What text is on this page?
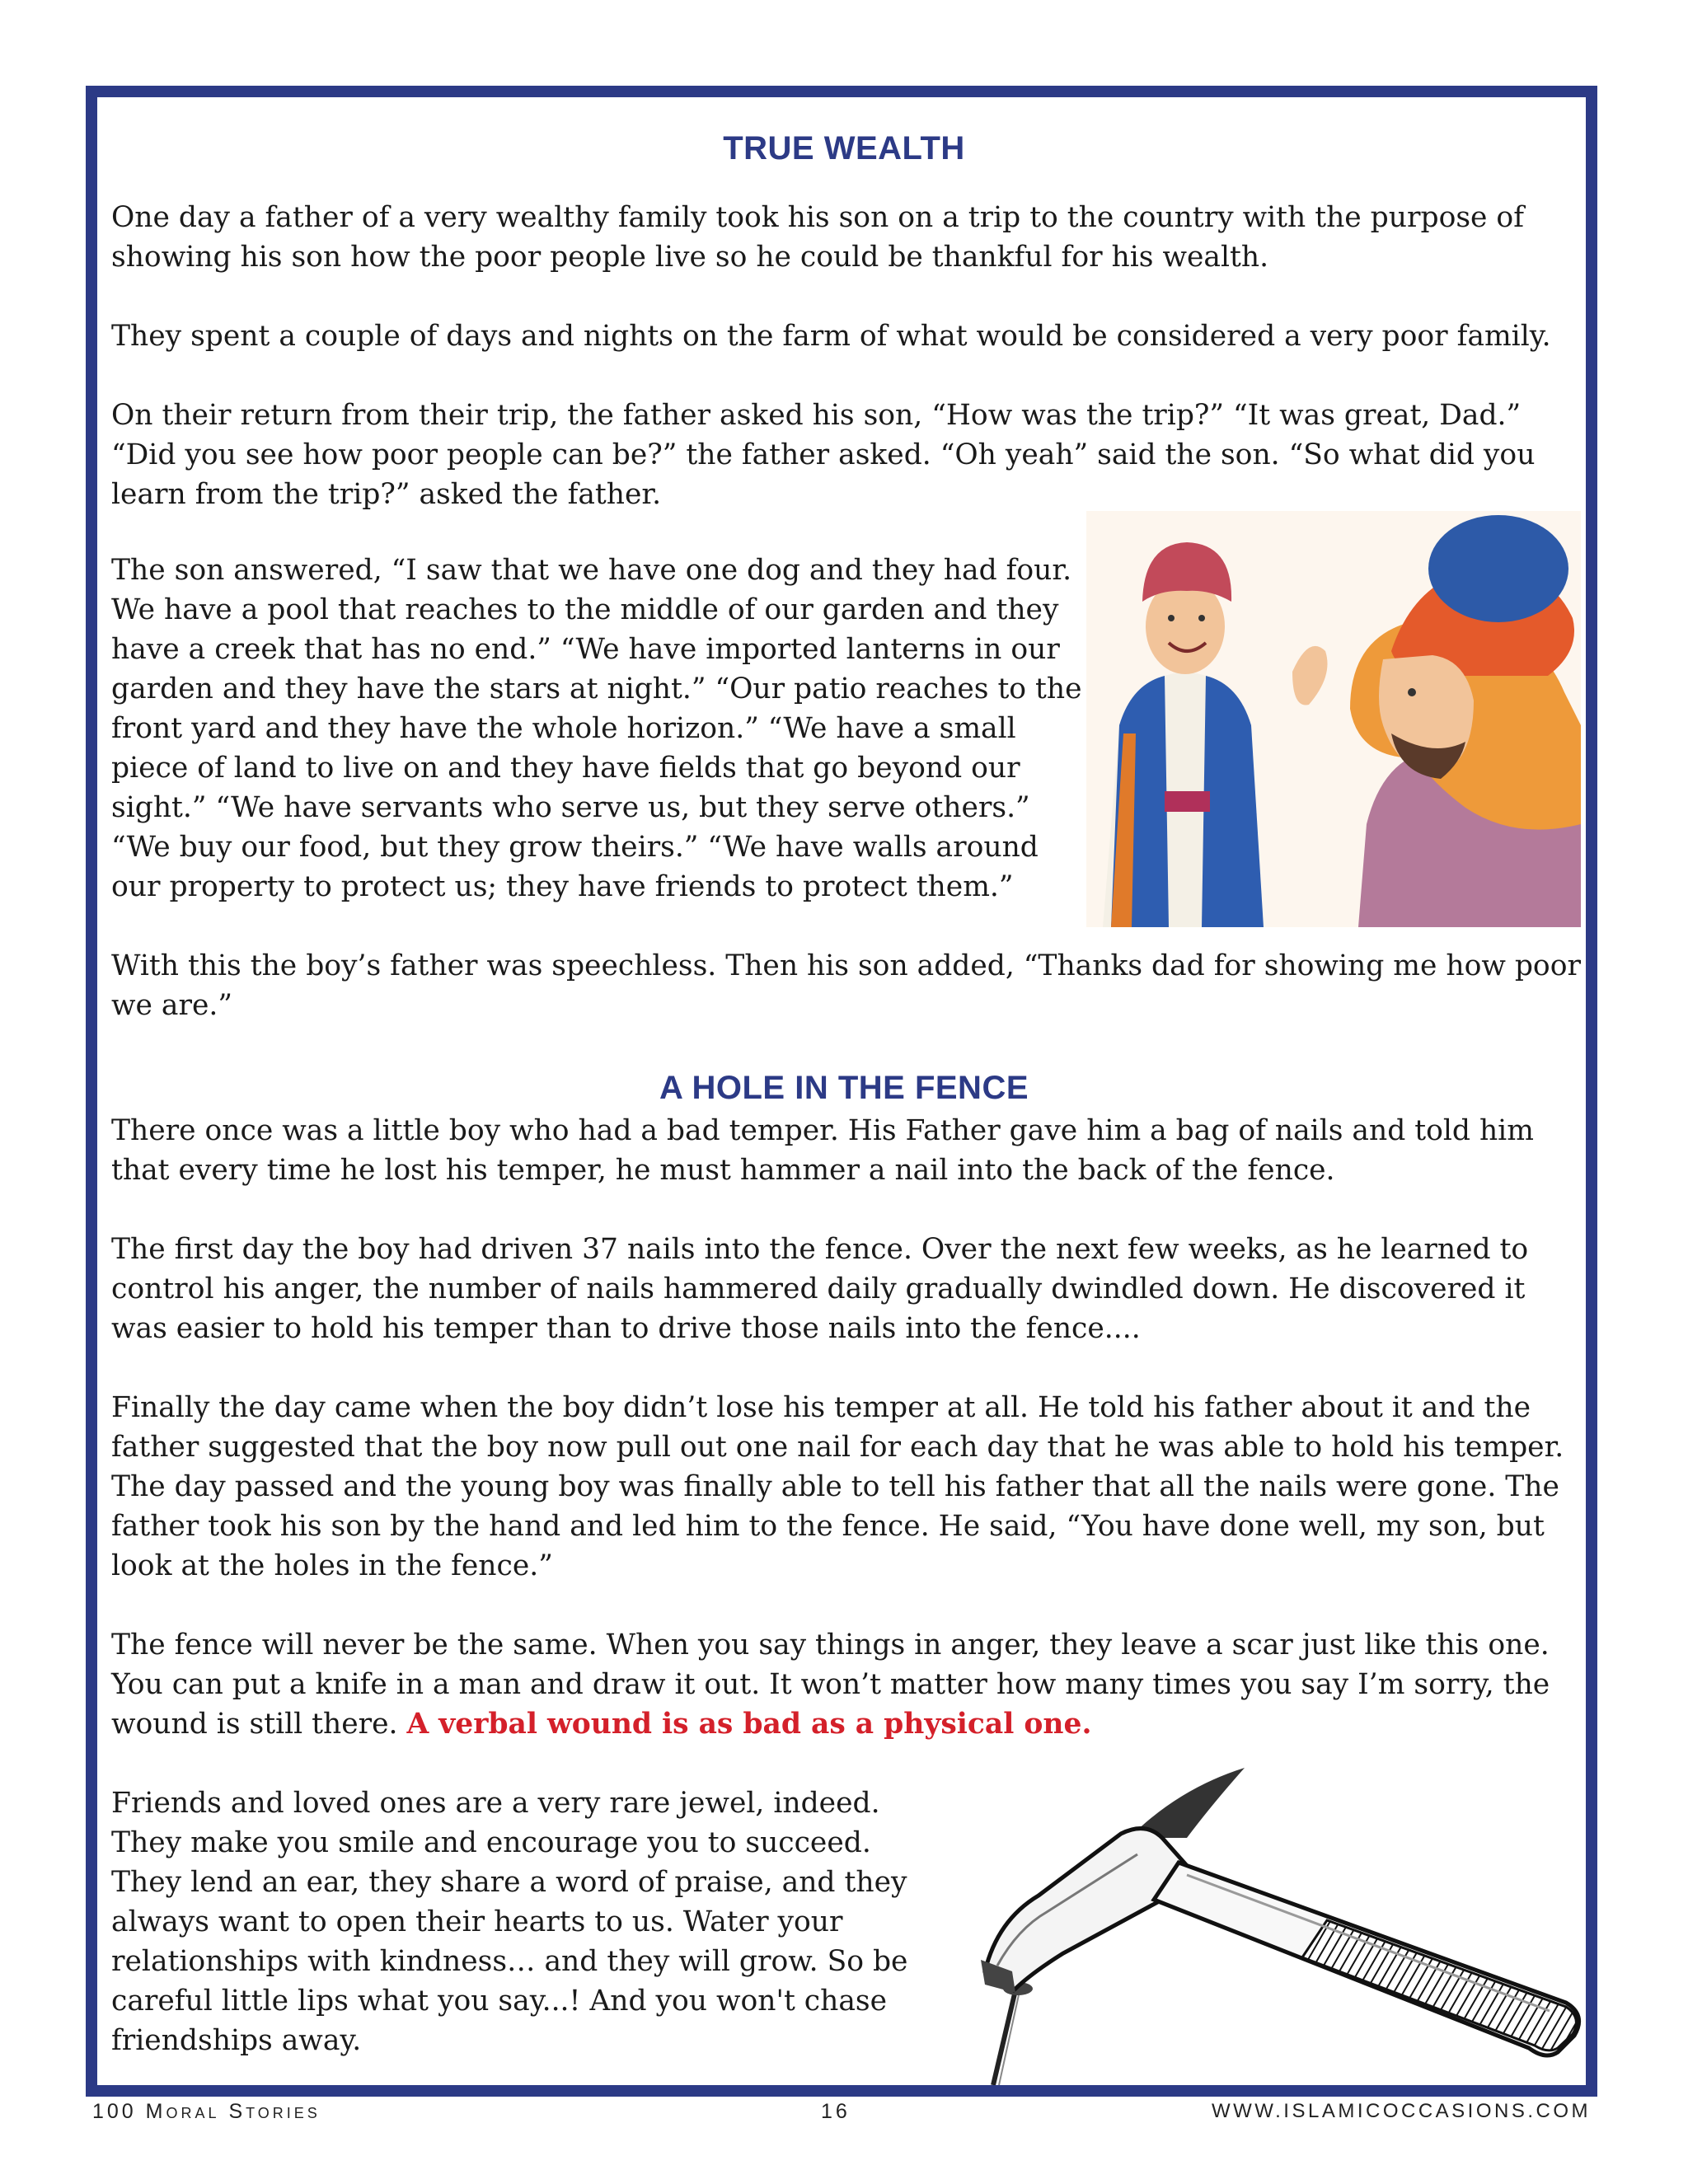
TRUE WEALTH

One day a father of a very wealthy family took his son on a trip to the country with the purpose of showing his son how the poor people live so he could be thankful for his wealth.

They spent a couple of days and nights on the farm of what would be considered a very poor family.

On their return from their trip, the father asked his son, “How was the trip?” “It was great, Dad.” “Did you see how poor people can be?” the father asked. “Oh yeah” said the son. “So what did you learn from the trip?” asked the father.

The son answered, “I saw that we have one dog and they had four. We have a pool that reaches to the middle of our garden and they have a creek that has no end.” “We have imported lanterns in our garden and they have the stars at night.” “Our patio reaches to the front yard and they have the whole horizon.” “We have a small piece of land to live on and they have fields that go beyond our sight.” “We have servants who serve us, but they serve others.” “We buy our food, but they grow theirs.” “We have walls around our property to protect us; they have friends to protect them.”

With this the boy’s father was speechless. Then his son added, “Thanks dad for showing me how poor we are.”

A HOLE IN THE FENCE

There once was a little boy who had a bad temper. His Father gave him a bag of nails and told him that every time he lost his temper, he must hammer a nail into the back of the fence.

The first day the boy had driven 37 nails into the fence. Over the next few weeks, as he learned to control his anger, the number of nails hammered daily gradually dwindled down. He discovered it was easier to hold his temper than to drive those nails into the fence....

Finally the day came when the boy didn’t lose his temper at all. He told his father about it and the father suggested that the boy now pull out one nail for each day that he was able to hold his temper. The day passed and the young boy was finally able to tell his father that all the nails were gone. The father took his son by the hand and led him to the fence. He said, “You have done well, my son, but look at the holes in the fence.”

The fence will never be the same. When you say things in anger, they leave a scar just like this one. You can put a knife in a man and draw it out. It won’t matter how many times you say I’m sorry, the wound is still there. A verbal wound is as bad as a physical one.

Friends and loved ones are a very rare jewel, indeed. They make you smile and encourage you to succeed. They lend an ear, they share a word of praise, and they always want to open their hearts to us. Water your relationships with kindness… and they will grow. So be careful little lips what you say...! And you won't chase friendships away.

100 Moral Stories	16	WWW.ISLAMICOCCASIONS.COM
